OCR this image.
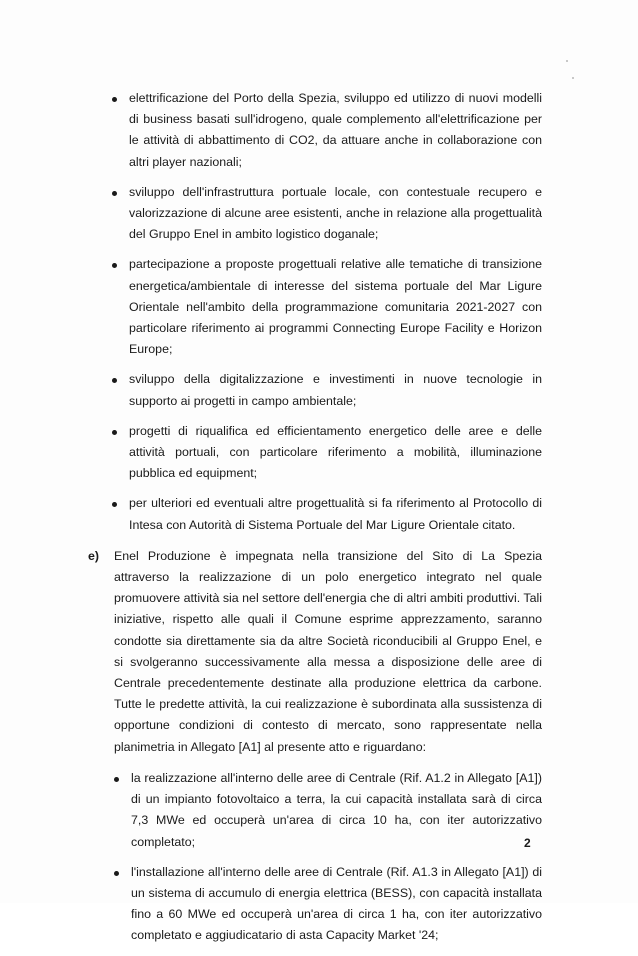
elettrificazione del Porto della Spezia, sviluppo ed utilizzo di nuovi modelli di business basati sull'idrogeno, quale complemento all'elettrificazione per le attività di abbattimento di CO2, da attuare anche in collaborazione con altri player nazionali;
sviluppo dell'infrastruttura portuale locale, con contestuale recupero e valorizzazione di alcune aree esistenti, anche in relazione alla progettualità del Gruppo Enel in ambito logistico doganale;
partecipazione a proposte progettuali relative alle tematiche di transizione energetica/ambientale di interesse del sistema portuale del Mar Ligure Orientale nell'ambito della programmazione comunitaria 2021-2027 con particolare riferimento ai programmi Connecting Europe Facility e Horizon Europe;
sviluppo della digitalizzazione e investimenti in nuove tecnologie in supporto ai progetti in campo ambientale;
progetti di riqualifica ed efficientamento energetico delle aree e delle attività portuali, con particolare riferimento a mobilità, illuminazione pubblica ed equipment;
per ulteriori ed eventuali altre progettualità si fa riferimento al Protocollo di Intesa con Autorità di Sistema Portuale del Mar Ligure Orientale citato.
e) Enel Produzione è impegnata nella transizione del Sito di La Spezia attraverso la realizzazione di un polo energetico integrato nel quale promuovere attività sia nel settore dell'energia che di altri ambiti produttivi. Tali iniziative, rispetto alle quali il Comune esprime apprezzamento, saranno condotte sia direttamente sia da altre Società riconducibili al Gruppo Enel, e si svolgeranno successivamente alla messa a disposizione delle aree di Centrale precedentemente destinate alla produzione elettrica da carbone. Tutte le predette attività, la cui realizzazione è subordinata alla sussistenza di opportune condizioni di contesto di mercato, sono rappresentate nella planimetria in Allegato [A1] al presente atto e riguardano:
la realizzazione all'interno delle aree di Centrale (Rif. A1.2 in Allegato [A1]) di un impianto fotovoltaico a terra, la cui capacità installata sarà di circa 7,3 MWe ed occuperà un'area di circa 10 ha, con iter autorizzativo completato;
l'installazione all'interno delle aree di Centrale (Rif. A1.3 in Allegato [A1]) di un sistema di accumulo di energia elettrica (BESS), con capacità installata fino a 60 MWe ed occuperà un'area di circa 1 ha, con iter autorizzativo completato e aggiudicatario di asta Capacity Market '24;
2
